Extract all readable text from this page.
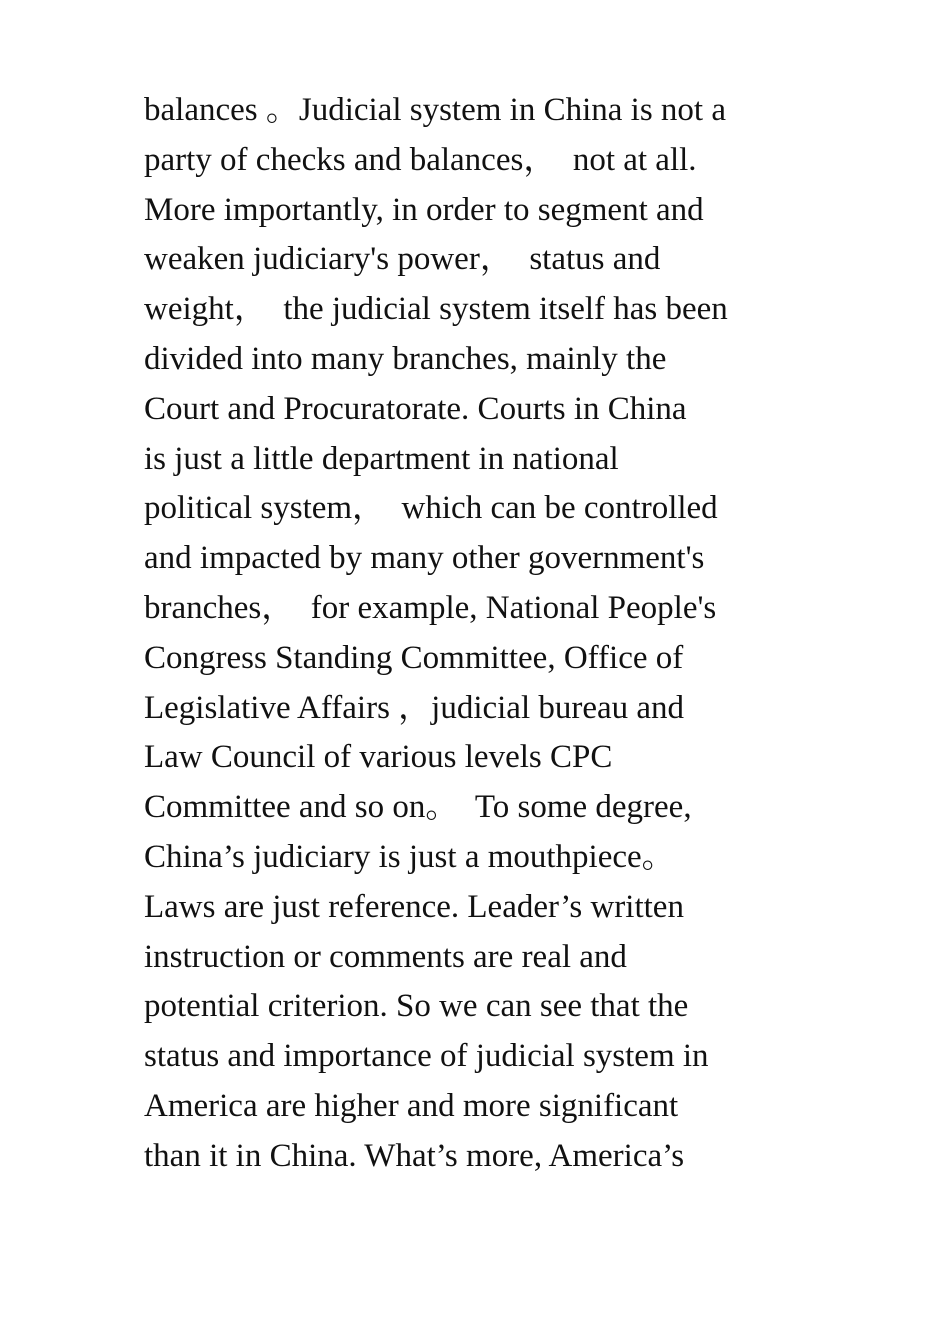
balances 。Judicial system in China is not a
party of checks and balances，  not at all.
More importantly, in order to segment and
weaken judiciary's power，  status and
weight，  the judicial system itself has been
divided into many branches, mainly the
Court and Procuratorate. Courts in China
is just a little department in national
political system，  which can be controlled
and impacted by many other government's
branches，  for example, National People's
Congress Standing Committee, Office of
Legislative Affairs ，judicial bureau and
Law Council of various levels CPC
Committee and so on。  To some degree,
China’s judiciary is just a mouthpiece。
Laws are just reference. Leader’s written
instruction or comments are real and
potential criterion. So we can see that the
status and importance of judicial system in
America are higher and more significant
than it in China. What’s more, America’s
